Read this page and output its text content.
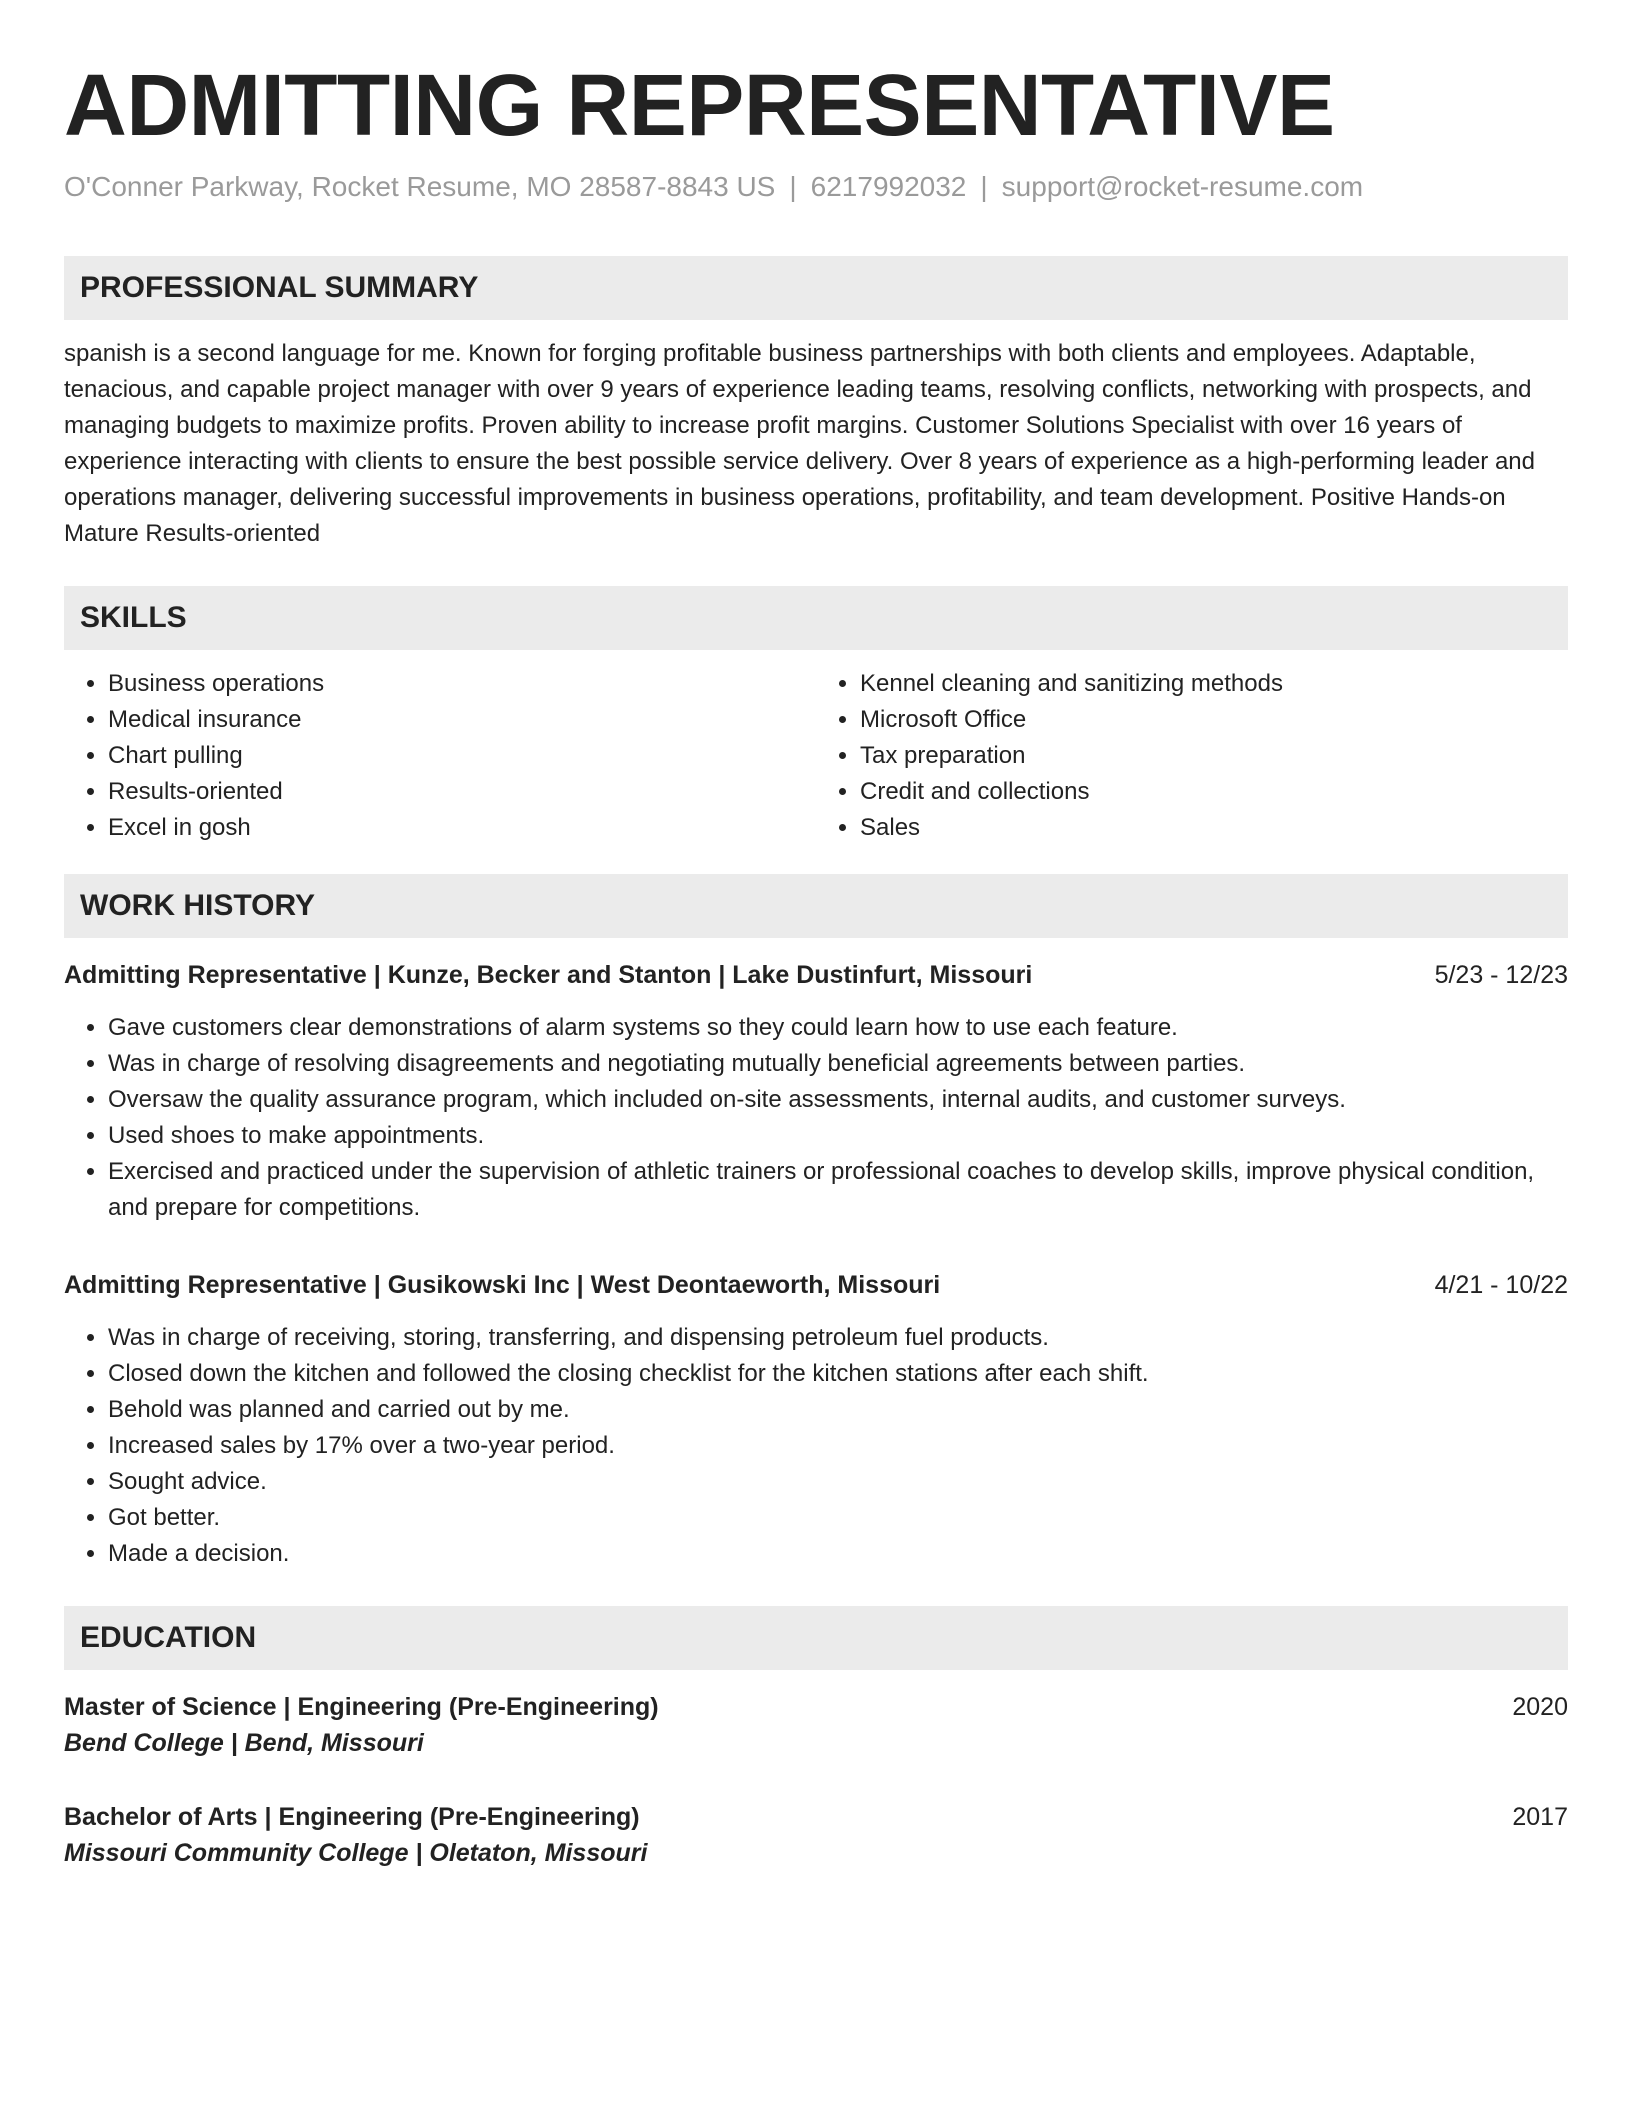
ADMITTING REPRESENTATIVE
O'Conner Parkway, Rocket Resume, MO 28587-8843 US | 6217992032 | support@rocket-resume.com
PROFESSIONAL SUMMARY

spanish is a second language for me. Known for forging profitable business partnerships with both clients and employees. Adaptable, tenacious, and capable project manager with over 9 years of experience leading teams, resolving conflicts, networking with prospects, and managing budgets to maximize profits. Proven ability to increase profit margins. Customer Solutions Specialist with over 16 years of experience interacting with clients to ensure the best possible service delivery. Over 8 years of experience as a high-performing leader and operations manager, delivering successful improvements in business operations, profitability, and team development. Positive Hands-on Mature Results-oriented

SKILLS
• Business operations
• Medical insurance
• Chart pulling
• Results-oriented
• Excel in gosh
• Kennel cleaning and sanitizing methods
• Microsoft Office
• Tax preparation
• Credit and collections
• Sales
WORK HISTORY
Admitting Representative | Kunze, Becker and Stanton | Lake Dustinfurt, Missouri	5/23 - 12/23
• Gave customers clear demonstrations of alarm systems so they could learn how to use each feature.
• Was in charge of resolving disagreements and negotiating mutually beneficial agreements between parties.
• Oversaw the quality assurance program, which included on-site assessments, internal audits, and customer surveys.
• Used shoes to make appointments.
• Exercised and practiced under the supervision of athletic trainers or professional coaches to develop skills, improve physical condition, and prepare for competitions.
Admitting Representative | Gusikowski Inc | West Deontaeworth, Missouri	4/21 - 10/22
• Was in charge of receiving, storing, transferring, and dispensing petroleum fuel products.
• Closed down the kitchen and followed the closing checklist for the kitchen stations after each shift.
• Behold was planned and carried out by me.
• Increased sales by 17% over a two-year period.
• Sought advice.
• Got better.
• Made a decision.
EDUCATION
Master of Science | Engineering (Pre-Engineering)	2020
Bend College | Bend, Missouri
Bachelor of Arts | Engineering (Pre-Engineering)	2017
Missouri Community College | Oletaton, Missouri
